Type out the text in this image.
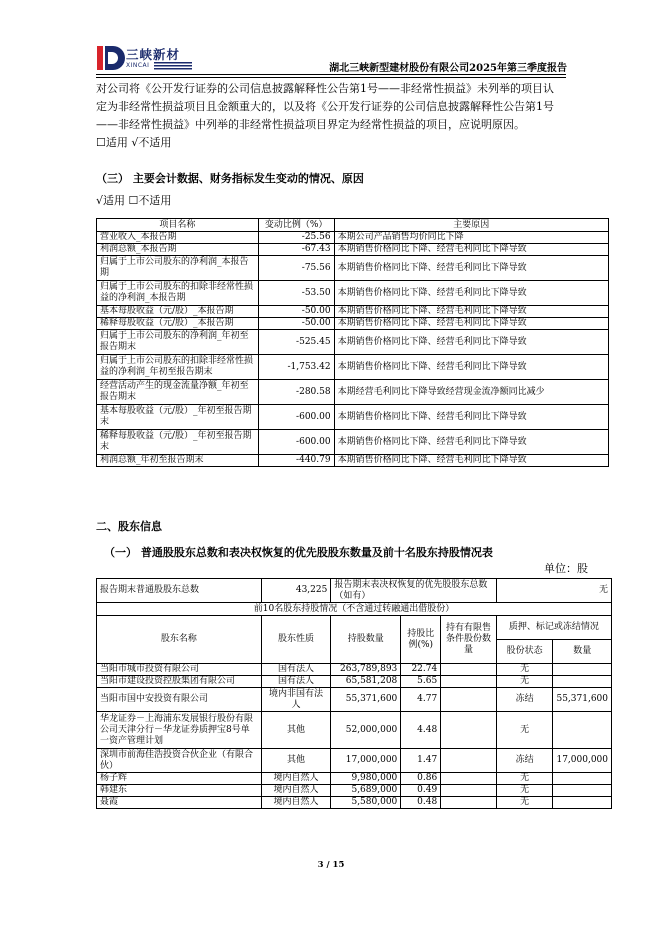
三峡新材
XINCAI	湖北三峡新型建材股份有限公司2025年第三季度报告
对公司将《公开发行证券的公司信息披露解释性公告第1号——非经常性损益》未列举的项目认
定为非经常性损益项目且金额重大的，以及将《公开发行证券的公司信息披露解释性公告第1号
——非经常性损益》中列举的非经常性损益项目界定为经常性损益的项目，应说明原因。
☐适用 √不适用
（三） 主要会计数据、财务指标发生变动的情况、原因
√适用 ☐不适用
项目名称	变动比例（%）	主要原因
营业收入_本报告期	-25.56	本期公司产品销售均价同比下降
利润总额_本报告期	-67.43	本期销售价格同比下降、经营毛利同比下降导致
归属于上市公司股东的净利润_本报告期	-75.56	本期销售价格同比下降、经营毛利同比下降导致
归属于上市公司股东的扣除非经常性损益的净利润_本报告期	-53.50	本期销售价格同比下降、经营毛利同比下降导致
基本每股收益（元/股）_本报告期	-50.00	本期销售价格同比下降、经营毛利同比下降导致
稀释每股收益（元/股）_本报告期	-50.00	本期销售价格同比下降、经营毛利同比下降导致
归属于上市公司股东的净利润_年初至报告期末	-525.45	本期销售价格同比下降、经营毛利同比下降导致
归属于上市公司股东的扣除非经常性损益的净利润_年初至报告期末	-1,753.42	本期销售价格同比下降、经营毛利同比下降导致
经营活动产生的现金流量净额_年初至报告期末	-280.58	本期经营毛利同比下降导致经营现金流净额同比减少
基本每股收益（元/股）_年初至报告期末	-600.00	本期销售价格同比下降、经营毛利同比下降导致
稀释每股收益（元/股）_年初至报告期末	-600.00	本期销售价格同比下降、经营毛利同比下降导致
利润总额_年初至报告期末	-440.79	本期销售价格同比下降、经营毛利同比下降导致
二、股东信息
（一） 普通股股东总数和表决权恢复的优先股股东数量及前十名股东持股情况表
单位：股
报告期末普通股股东总数	43,225	报告期末表决权恢复的优先股股东总数（如有）			无	
前10名股东持股情况（不含通过转融通出借股份）						
股东名称	股东性质	持股数量	持股比例(%)	持有有限售条件股份数量	质押、标记或冻结情况	
					股份状态	数量
当阳市城市投资有限公司	国有法人	263,789,893	22.74		无	
当阳市建设投资控股集团有限公司	国有法人	65,581,208	5.65		无	
当阳市国中安投资有限公司	境内非国有法人	55,371,600	4.77		冻结	55,371,600
华龙证券－上海浦东发展银行股份有限公司天津分行－华龙证券质押宝8号单一资产管理计划	其他	52,000,000	4.48		无	
深圳市前海佳浩投资合伙企业（有限合伙）	其他	17,000,000	1.47		冻结	17,000,000
杨子辉	境内自然人	9,980,000	0.86		无	
韩建东	境内自然人	5,689,000	0.49		无	
聂霞	境内自然人	5,580,000	0.48		无	
3 / 15
